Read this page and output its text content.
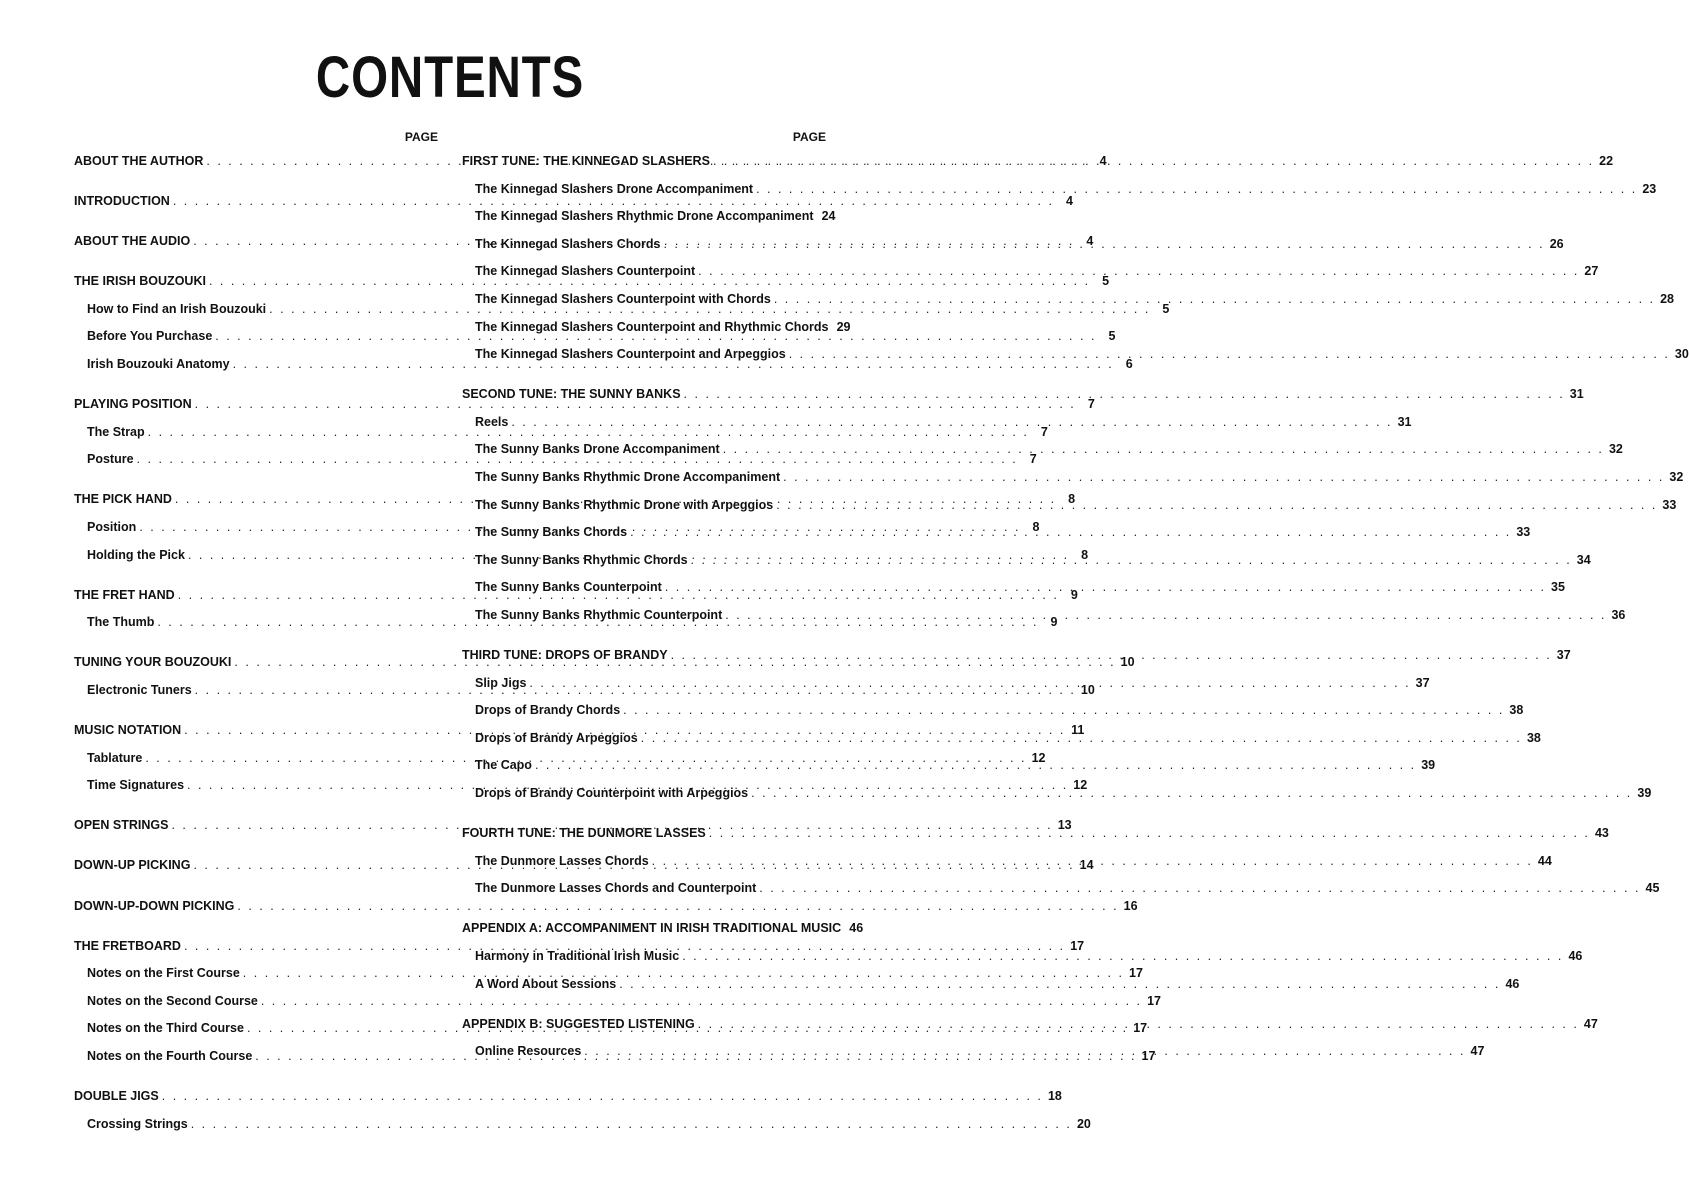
CONTENTS
PAGE
ABOUT THE AUTHOR . . .	4
INTRODUCTION . . .	4
ABOUT THE AUDIO . . .	4
THE IRISH BOUZOUKI . . .	5
How to Find an Irish Bouzouki . . .	5
Before You Purchase . . .	5
Irish Bouzouki Anatomy . . .	6
PLAYING POSITION . . .	7
The Strap . . .	7
Posture . . .	7
THE PICK HAND . . .	8
Position . . .	8
Holding the Pick . . .	8
THE FRET HAND . . .	9
The Thumb . . .	9
TUNING YOUR BOUZOUKI . . .	10
Electronic Tuners . . .	10
MUSIC NOTATION . . .	11
Tablature . . .	12
Time Signatures . . .	12
OPEN STRINGS . . .	13
DOWN-UP PICKING . . .	14
DOWN-UP-DOWN PICKING . . .	16
THE FRETBOARD . . .	17
Notes on the First Course . . .	17
Notes on the Second Course . . .	17
Notes on the Third Course . . .	17
Notes on the Fourth Course . . .	17
DOUBLE JIGS . . .	18
Crossing Strings . . .	20
PAGE
FIRST TUNE: THE KINNEGAD SLASHERS . . .	22
The Kinnegad Slashers Drone Accompaniment . . .	23
The Kinnegad Slashers Rhythmic Drone Accompaniment 24
The Kinnegad Slashers Chords . . .	26
The Kinnegad Slashers Counterpoint . . .	27
The Kinnegad Slashers Counterpoint with Chords . . .	28
The Kinnegad Slashers Counterpoint and Rhythmic Chords 29
The Kinnegad Slashers Counterpoint and Arpeggios . . .	30
SECOND TUNE: THE SUNNY BANKS . . .	31
Reels . . .	31
The Sunny Banks Drone Accompaniment . . .	32
The Sunny Banks Rhythmic Drone Accompaniment . . .	32
The Sunny Banks Rhythmic Drone with Arpeggios . . .	33
The Sunny Banks Chords . . .	33
The Sunny Banks Rhythmic Chords . . .	34
The Sunny Banks Counterpoint . . .	35
The Sunny Banks Rhythmic Counterpoint . . .	36
THIRD TUNE: DROPS OF BRANDY . . .	37
Slip Jigs . . .	37
Drops of Brandy Chords . . .	38
Drops of Brandy Arpeggios . . .	38
The Capo . . .	39
Drops of Brandy Counterpoint with Arpeggios . . .	39
FOURTH TUNE: THE DUNMORE LASSES . . .	43
The Dunmore Lasses Chords . . .	44
The Dunmore Lasses Chords and Counterpoint . . .	45
APPENDIX A: ACCOMPANIMENT IN IRISH TRADITIONAL MUSIC 46
Harmony in Traditional Irish Music . . .	46
A Word About Sessions . . .	46
APPENDIX B: SUGGESTED LISTENING . . .	47
Online Resources . . .	47
